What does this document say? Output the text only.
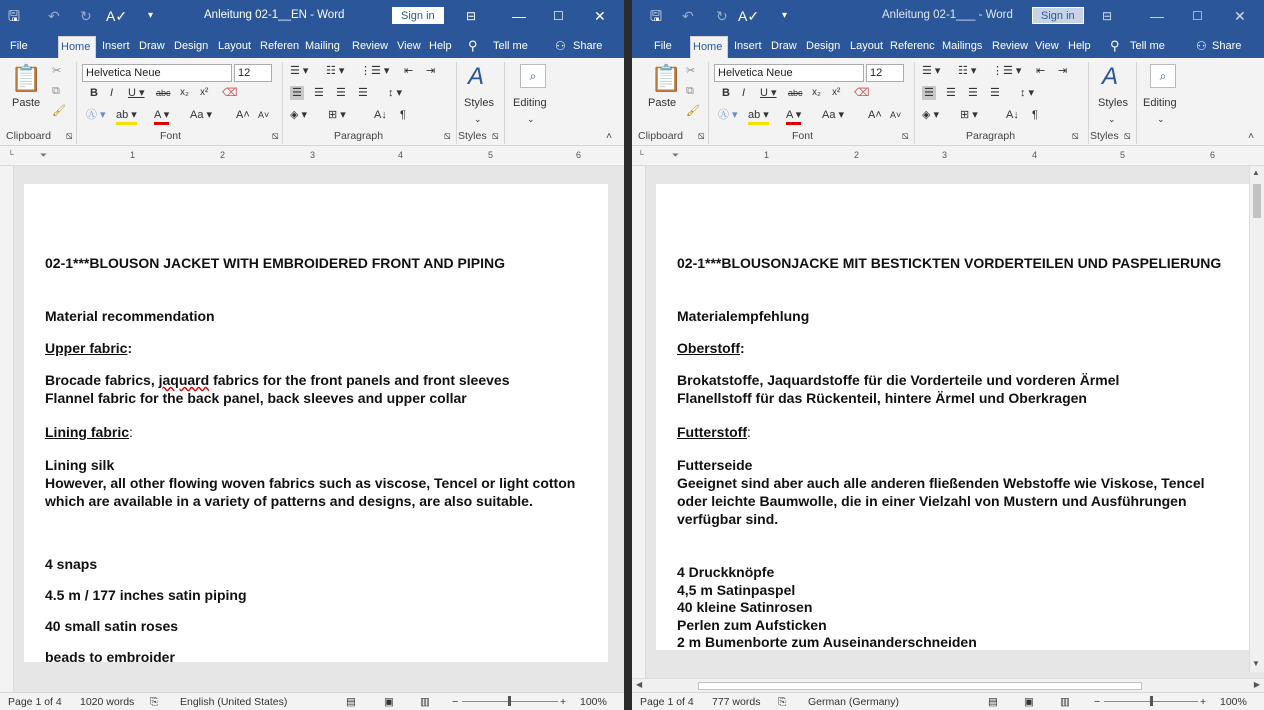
🖫 ↶ ↻ A✓ ▾	Anleitung 02-1__EN - Word	Sign in	⊟	— ☐ ✕
File	Home	Insert Draw Design Layout Referen Mailing	Review View Help ⚲ Tell me ⚇ Share
📋
Paste
✂
⧉
🖌
Helvetica Neue	12
B I U ▾ abc x₂ x² ⌫
Ⓐ ▾ ab ▾ A ▾ Aa ▾ A˄ A˅
☰ ▾ ☷ ▾ ⋮☰ ▾ ⇤ ⇥
☰ ☰ ☰ ☰ ↕ ▾
◈ ▾ ⊞ ▾	A↓ ¶
A
Styles
⌄
⌕
Editing
⌄
Clipboard ⧅	Font	⧅	Paragraph	⧅ Styles ⧅	˄
└	⏷	1	2	3	4	5	6
02-1***BLOUSON JACKET WITH EMBROIDERED FRONT AND PIPING
Material recommendation
Upper fabric:
Brocade fabrics, jaquard fabrics for the front panels and front sleeves
Flannel fabric for the back panel, back sleeves and upper collar
Lining fabric:
Lining silk
However, all other flowing woven fabrics such as viscose, Tencel or light cotton
which are available in a variety of patterns and designs, are also suitable.
4 snaps
4.5 m / 177 inches satin piping
40 small satin roses
beads to embroider
Page 1 of 4 1020 words ⎘ English (United States)	▤	▣ ▥ −	+ 100%
🖫 ↶ ↻ A✓ ▾	Anleitung 02-1___ - Word	Sign in	⊟	— ☐ ✕
File	Home	Insert Draw Design Layout Referenc Mailings Review View Help ⚲ Tell me	⚇ Share
📋
Paste
✂
⧉
🖌
Helvetica Neue	12
B I U ▾ abc x₂ x² ⌫
Ⓐ ▾ ab ▾ A ▾ Aa ▾ A˄ A˅
☰ ▾ ☷ ▾ ⋮☰ ▾ ⇤ ⇥
☰ ☰ ☰ ☰ ↕ ▾
◈ ▾ ⊞ ▾	A↓ ¶
A
Styles
⌄
⌕
Editing
⌄
Clipboard ⧅	Font	⧅	Paragraph	⧅ Styles ⧅	˄
└	⏷	1	2	3	4	5	6
02-1***BLOUSONJACKE MIT BESTICKTEN VORDERTEILEN UND PASPELIERUNG
Materialempfehlung
Oberstoff:
Brokatstoffe, Jaquardstoffe für die Vorderteile und vorderen Ärmel
Flanellstoff für das Rückenteil, hintere Ärmel und Oberkragen
Futterstoff:
Futterseide
Geeignet sind aber auch alle anderen fließenden Webstoffe wie Viskose, Tencel
oder leichte Baumwolle, die in einer Vielzahl von Mustern und Ausführungen
verfügbar sind.
4 Druckknöpfe
4,5 m Satinpaspel
40 kleine Satinrosen
Perlen zum Aufsticken
2 m Bumenborte zum Auseinanderschneiden
▲
▼
◀	▶
Page 1 of 4 777 words ⎘ German (Germany)	▤ ▣ ▥ −	+ 100%
